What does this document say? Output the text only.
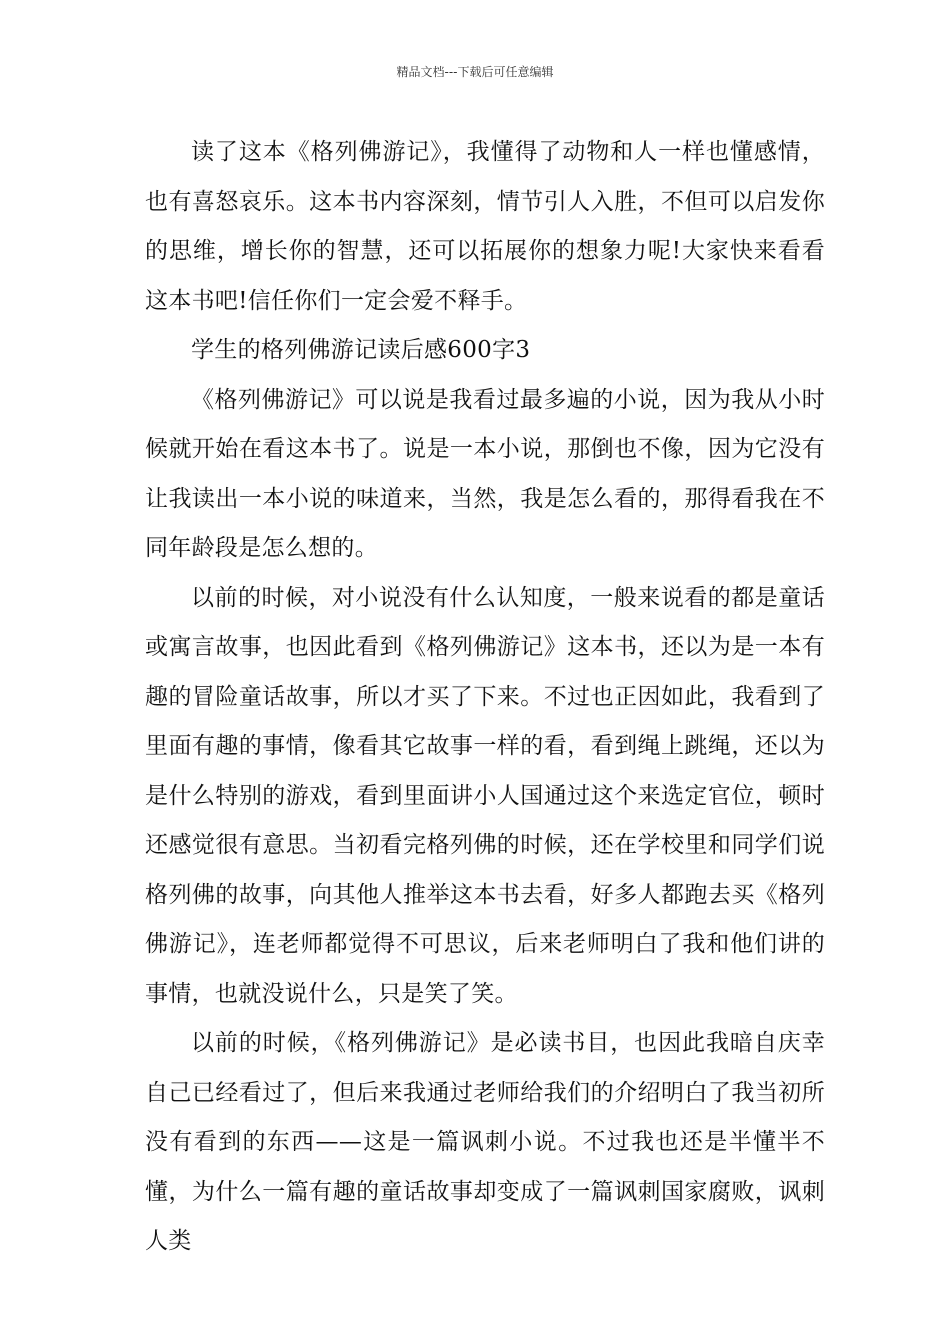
精品文档---下载后可任意编辑

读了这本《格列佛游记》，我懂得了动物和人一样也懂感情，也有喜怒哀乐。这本书内容深刻，情节引人入胜，不但可以启发你的思维，增长你的智慧，还可以拓展你的想象力呢!大家快来看看这本书吧!信任你们一定会爱不释手。

学生的格列佛游记读后感600字3

《格列佛游记》可以说是我看过最多遍的小说，因为我从小时候就开始在看这本书了。说是一本小说，那倒也不像，因为它没有让我读出一本小说的味道来，当然，我是怎么看的，那得看我在不同年龄段是怎么想的。

以前的时候，对小说没有什么认知度，一般来说看的都是童话或寓言故事，也因此看到《格列佛游记》这本书，还以为是一本有趣的冒险童话故事，所以才买了下来。不过也正因如此，我看到了里面有趣的事情，像看其它故事一样的看，看到绳上跳绳，还以为是什么特别的游戏，看到里面讲小人国通过这个来选定官位，顿时还感觉很有意思。当初看完格列佛的时候，还在学校里和同学们说格列佛的故事，向其他人推举这本书去看，好多人都跑去买《格列佛游记》，连老师都觉得不可思议，后来老师明白了我和他们讲的事情，也就没说什么，只是笑了笑。

以前的时候，《格列佛游记》是必读书目，也因此我暗自庆幸自己已经看过了，但后来我通过老师给我们的介绍明白了我当初所没有看到的东西——这是一篇讽刺小说。不过我也还是半懂半不懂，为什么一篇有趣的童话故事却变成了一篇讽刺国家腐败，讽刺人类
